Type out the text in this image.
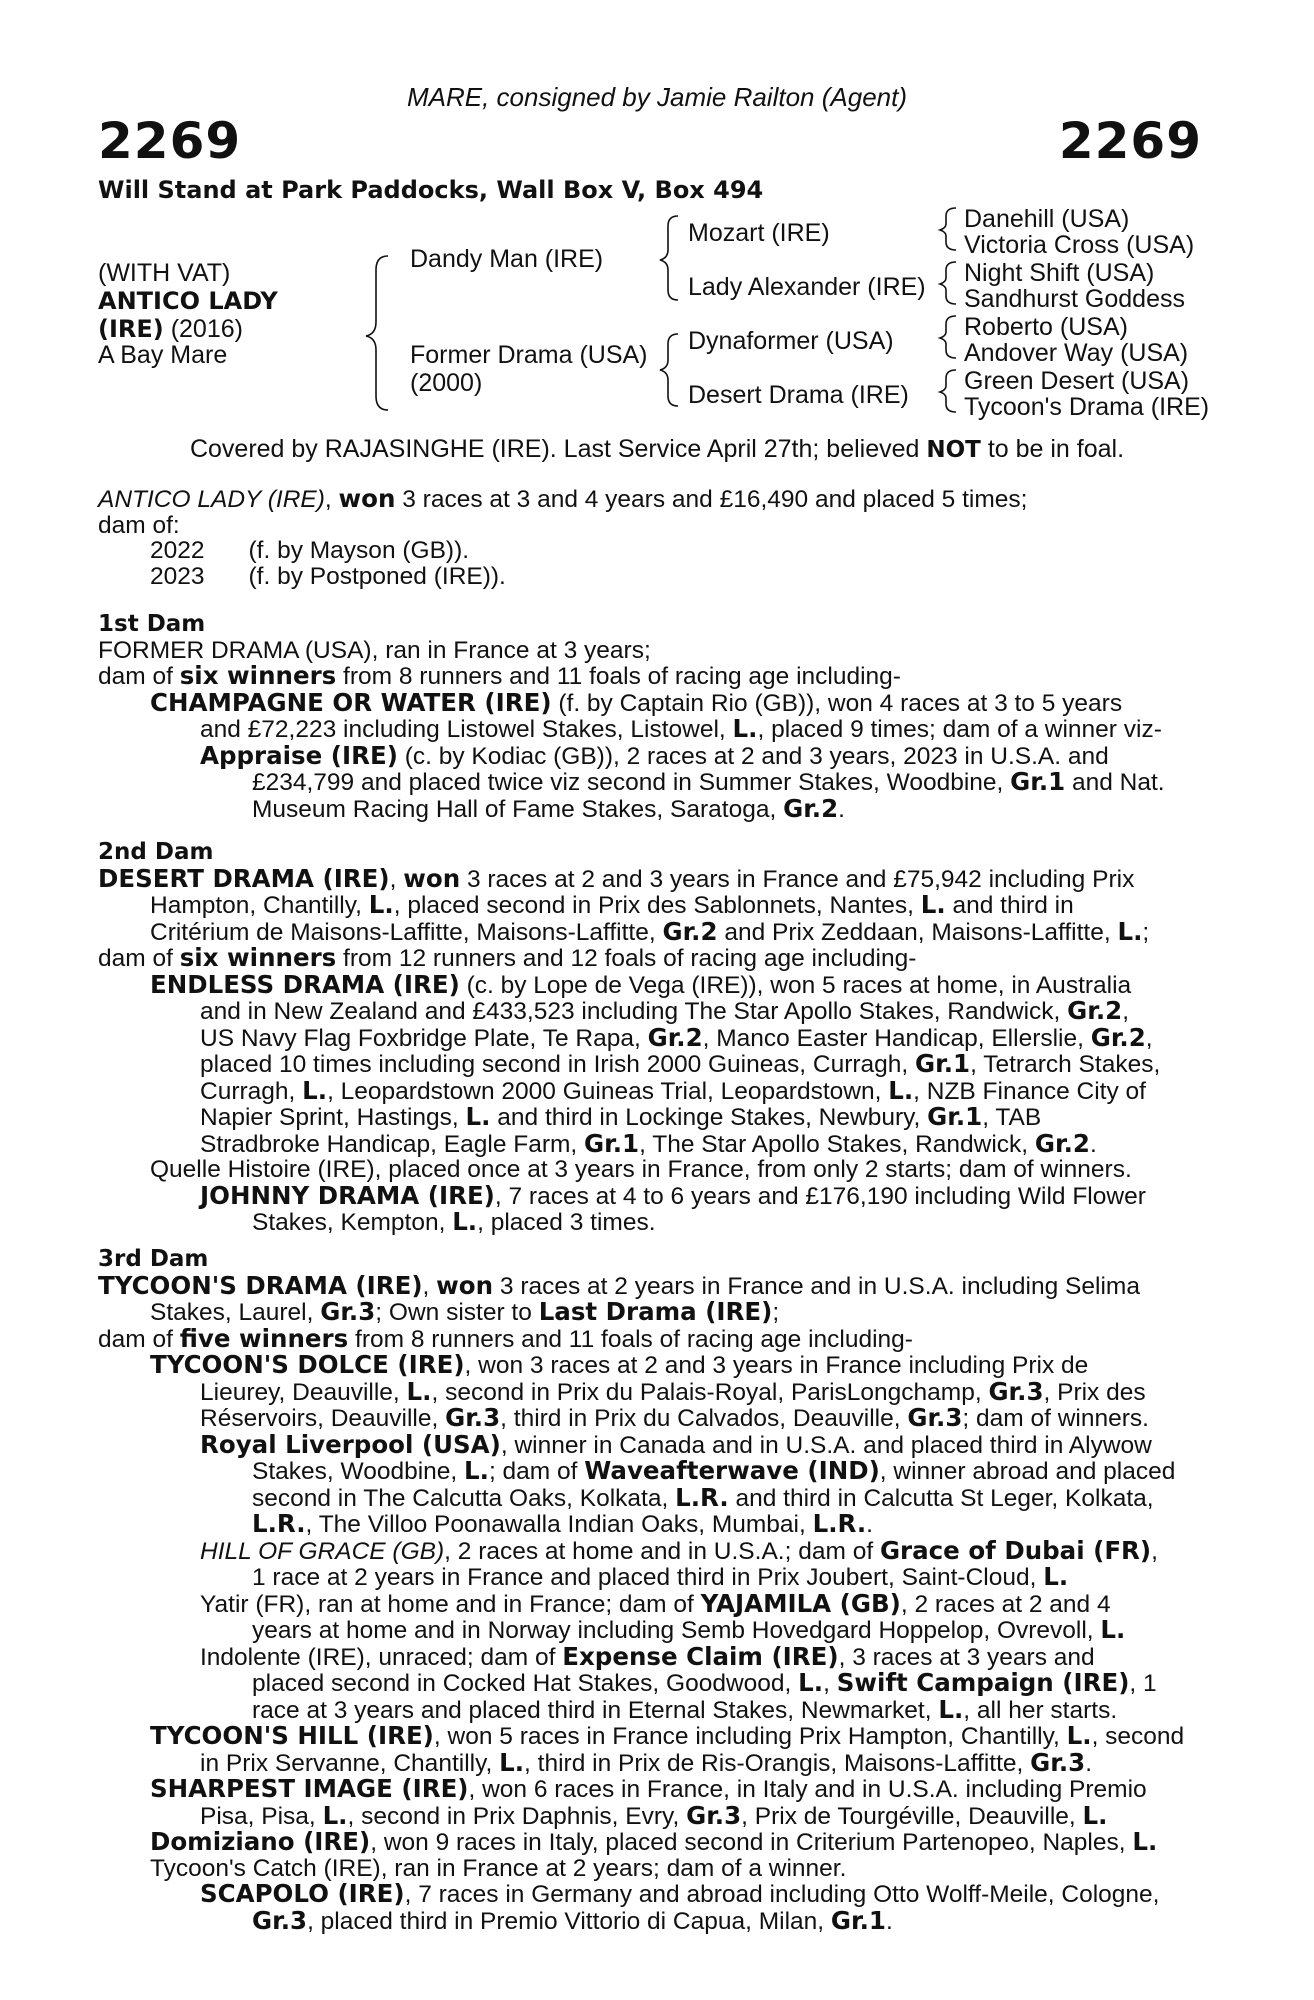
MARE, consigned by Jamie Railton (Agent)
2269	2269
Will Stand at Park Paddocks, Wall Box V, Box 494
(WITH VAT)
ANTICO LADY
(IRE) (2016)
A Bay Mare
Dandy Man (IRE)
Former Drama (USA)
(2000)
Mozart (IRE)
Lady Alexander (IRE)
Dynaformer (USA)
Desert Drama (IRE)
Danehill (USA)
Victoria Cross (USA)
Night Shift (USA)
Sandhurst Goddess
Roberto (USA)
Andover Way (USA)
Green Desert (USA)
Tycoon's Drama (IRE)
Covered by RAJASINGHE (IRE). Last Service April 27th; believed NOT to be in foal.

ANTICO LADY (IRE), won 3 races at 3 and 4 years and £16,490 and placed 5 times;

dam of:

2022 (f. by Mayson (GB)).

2023 (f. by Postponed (IRE)).

1st Dam

FORMER DRAMA (USA), ran in France at 3 years;

dam of six winners from 8 runners and 11 foals of racing age including-

CHAMPAGNE OR WATER (IRE) (f. by Captain Rio (GB)), won 4 races at 3 to 5 years

and £72,223 including Listowel Stakes, Listowel, L., placed 9 times; dam of a winner viz-

Appraise (IRE) (c. by Kodiac (GB)), 2 races at 2 and 3 years, 2023 in U.S.A. and

£234,799 and placed twice viz second in Summer Stakes, Woodbine, Gr.1 and Nat.

Museum Racing Hall of Fame Stakes, Saratoga, Gr.2.

2nd Dam

DESERT DRAMA (IRE), won 3 races at 2 and 3 years in France and £75,942 including Prix

Hampton, Chantilly, L., placed second in Prix des Sablonnets, Nantes, L. and third in

Critérium de Maisons-Laffitte, Maisons-Laffitte, Gr.2 and Prix Zeddaan, Maisons-Laffitte, L.;

dam of six winners from 12 runners and 12 foals of racing age including-

ENDLESS DRAMA (IRE) (c. by Lope de Vega (IRE)), won 5 races at home, in Australia

and in New Zealand and £433,523 including The Star Apollo Stakes, Randwick, Gr.2,

US Navy Flag Foxbridge Plate, Te Rapa, Gr.2, Manco Easter Handicap, Ellerslie, Gr.2,

placed 10 times including second in Irish 2000 Guineas, Curragh, Gr.1, Tetrarch Stakes,

Curragh, L., Leopardstown 2000 Guineas Trial, Leopardstown, L., NZB Finance City of

Napier Sprint, Hastings, L. and third in Lockinge Stakes, Newbury, Gr.1, TAB

Stradbroke Handicap, Eagle Farm, Gr.1, The Star Apollo Stakes, Randwick, Gr.2.

Quelle Histoire (IRE), placed once at 3 years in France, from only 2 starts; dam of winners.

JOHNNY DRAMA (IRE), 7 races at 4 to 6 years and £176,190 including Wild Flower

Stakes, Kempton, L., placed 3 times.

3rd Dam

TYCOON'S DRAMA (IRE), won 3 races at 2 years in France and in U.S.A. including Selima

Stakes, Laurel, Gr.3; Own sister to Last Drama (IRE);

dam of five winners from 8 runners and 11 foals of racing age including-

TYCOON'S DOLCE (IRE), won 3 races at 2 and 3 years in France including Prix de

Lieurey, Deauville, L., second in Prix du Palais-Royal, ParisLongchamp, Gr.3, Prix des

Réservoirs, Deauville, Gr.3, third in Prix du Calvados, Deauville, Gr.3; dam of winners.

Royal Liverpool (USA), winner in Canada and in U.S.A. and placed third in Alywow

Stakes, Woodbine, L.; dam of Waveafterwave (IND), winner abroad and placed

second in The Calcutta Oaks, Kolkata, L.R. and third in Calcutta St Leger, Kolkata,

L.R., The Villoo Poonawalla Indian Oaks, Mumbai, L.R..

HILL OF GRACE (GB), 2 races at home and in U.S.A.; dam of Grace of Dubai (FR),

1 race at 2 years in France and placed third in Prix Joubert, Saint-Cloud, L.

Yatir (FR), ran at home and in France; dam of YAJAMILA (GB), 2 races at 2 and 4

years at home and in Norway including Semb Hovedgard Hoppelop, Ovrevoll, L.

Indolente (IRE), unraced; dam of Expense Claim (IRE), 3 races at 3 years and

placed second in Cocked Hat Stakes, Goodwood, L., Swift Campaign (IRE), 1

race at 3 years and placed third in Eternal Stakes, Newmarket, L., all her starts.

TYCOON'S HILL (IRE), won 5 races in France including Prix Hampton, Chantilly, L., second

in Prix Servanne, Chantilly, L., third in Prix de Ris-Orangis, Maisons-Laffitte, Gr.3.

SHARPEST IMAGE (IRE), won 6 races in France, in Italy and in U.S.A. including Premio

Pisa, Pisa, L., second in Prix Daphnis, Evry, Gr.3, Prix de Tourgéville, Deauville, L.

Domiziano (IRE), won 9 races in Italy, placed second in Criterium Partenopeo, Naples, L.

Tycoon's Catch (IRE), ran in France at 2 years; dam of a winner.

SCAPOLO (IRE), 7 races in Germany and abroad including Otto Wolff-Meile, Cologne,

Gr.3, placed third in Premio Vittorio di Capua, Milan, Gr.1.
